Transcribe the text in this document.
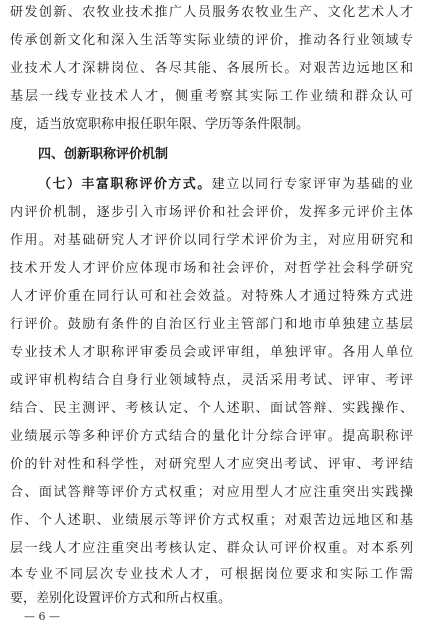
研发创新、农牧业技术推广人员服务农牧业生产、文化艺术人才
传承创新文化和深入生活等实际业绩的评价，推动各行业领域专
业技术人才深耕岗位、各尽其能、各展所长。对艰苦边远地区和
基层一线专业技术人才，侧重考察其实际工作业绩和群众认可
度，适当放宽职称申报任职年限、学历等条件限制。
四、创新职称评价机制
（七）丰富职称评价方式。建立以同行专家评审为基础的业
内评价机制，逐步引入市场评价和社会评价，发挥多元评价主体
作用。对基础研究人才评价以同行学术评价为主，对应用研究和
技术开发人才评价应体现市场和社会评价，对哲学社会科学研究
人才评价重在同行认可和社会效益。对特殊人才通过特殊方式进
行评价。鼓励有条件的自治区行业主管部门和地市单独建立基层
专业技术人才职称评审委员会或评审组，单独评审。各用人单位
或评审机构结合自身行业领域特点，灵活采用考试、评审、考评
结合、民主测评、考核认定、个人述职、面试答辩、实践操作、
业绩展示等多种评价方式结合的量化计分综合评审。提高职称评
价的针对性和科学性，对研究型人才应突出考试、评审、考评结
合、面试答辩等评价方式权重；对应用型人才应注重突出实践操
作、个人述职、业绩展示等评价方式权重；对艰苦边远地区和基
层一线人才应注重突出考核认定、群众认可评价权重。对本系列
本专业不同层次专业技术人才，可根据岗位要求和实际工作需
要，差别化设置评价方式和所占权重。
— 6 —
